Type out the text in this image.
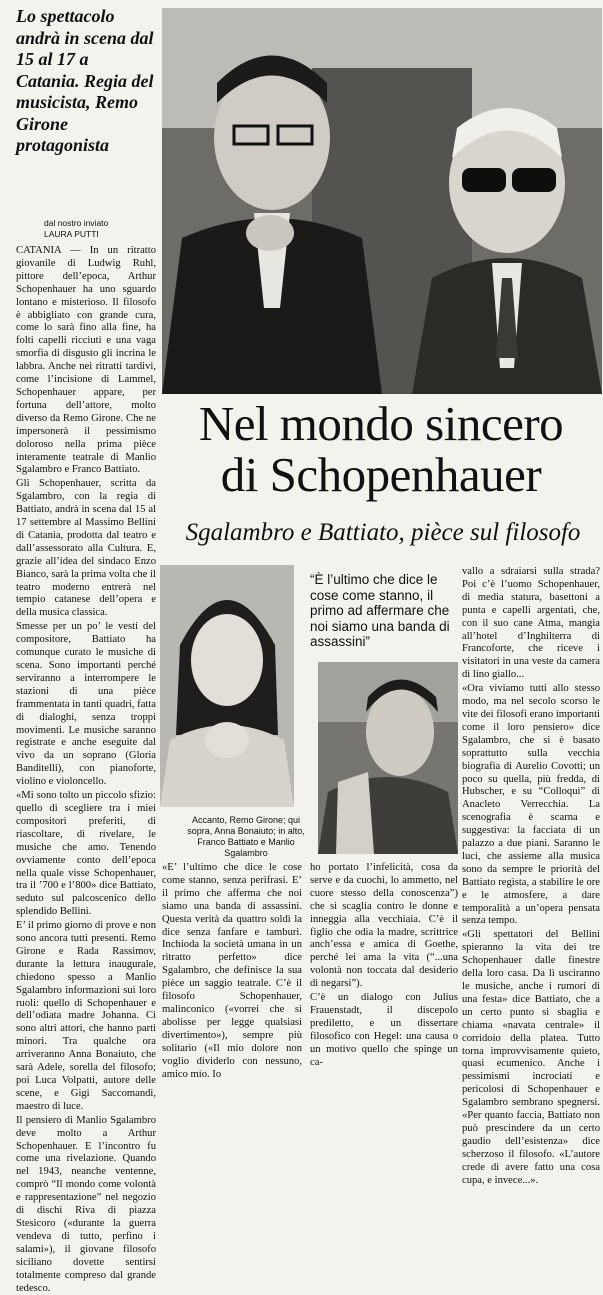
Lo spettacolo andrà in scena dal 15 al 17 a Catania. Regia del musicista, Remo Girone protagonista
dal nostro inviato
LAURA PUTTI

CATANIA — In un ritratto giovanile di Ludwig Ruhl, pittore dell’epoca, Arthur Schopenhauer ha uno sguardo lontano e misterioso. Il filosofo è abbigliato con grande cura, come lo sarà fino alla fine, ha folti capelli ricciuti e una vaga smorfia di disgusto gli incrina le labbra. Anche nei ritratti tardivi, come l’incisione di Lammel, Schopenhauer appare, per fortuna dell’attore, molto diverso da Remo Girone. Che ne impersonerà il pessimismo doloroso nella prima pièce interamente teatrale di Manlio Sgalambro e Franco Battiato.

Gli Schopenhauer, scritta da Sgalambro, con la regia di Battiato, andrà in scena dal 15 al 17 settembre al Massimo Bellini di Catania, prodotta dal teatro e dall’assessorato alla Cultura. E, grazie all’idea del sindaco Enzo Bianco, sarà la prima volta che il teatro moderno entrerà nel tempio catanese dell’opera e della musica classica.

Smesse per un po’ le vesti del compositore, Battiato ha comunque curato le musiche di scena. Sono importanti perché serviranno a interrompere le stazioni di una pièce frammentata in tanti quadri, fatta di dialoghi, senza troppi movimenti. Le musiche saranno registrate e anche eseguite dal vivo da un soprano (Gloria Banditelli), con pianoforte, violino e violoncello.

«Mi sono tolto un piccolo sfizio: quello di scegliere tra i miei compositori preferiti, di riascoltare, di rivelare, le musiche che amo. Tenendo ovviamente conto dell’epoca nella quale visse Schopenhauer, tra il ’700 e l’800» dice Battiato, seduto sul palcoscenico dello splendido Bellini.

E’ il primo giorno di prove e non sono ancora tutti presenti. Remo Girone e Rada Rassimov, durante la lettura inaugurale, chiedono spesso a Manlio Sgalambro informazioni sui loro ruoli: quello di Schopenhauer e dell’odiata madre Johanna. Ci sono altri attori, che hanno parti minori. Tra qualche ora arriveranno Anna Bonaiuto, che sarà Adele, sorella del filosofo; poi Luca Volpatti, autore delle scene, e Gigi Saccomandi, maestro di luce.

Il pensiero di Manlio Sgalambro deve molto a Arthur Schopenhauer. E l’incontro fu come una rivelazione. Quando nel 1943, neanche ventenne, comprò “Il mondo come volontà e rappresentazione” nel negozio di dischi Riva di piazza Stesicoro («durante la guerra vendeva di tutto, perfino i salami»), il giovane filosofo siciliano dovette sentirsi totalmente compreso dal grande tedesco.

Nel mondo sincero
di Schopenhauer
Sgalambro e Battiato, pièce sul filosofo
“È l’ultimo che dice le cose come stanno, il primo ad affermare che noi siamo una banda di assassini”
Accanto, Remo Girone; qui sopra, Anna Bonaiuto; in alto, Franco Battiato e Manlio Sgalambro

«E’ l’ultimo che dice le cose come stanno, senza perifrasi. E’ il primo che afferma che noi siamo una banda di assassini. Questa verità da quattro soldi la dice senza fanfare e tamburi. Inchioda la società umana in un ritratto perfetto» dice Sgalambro, che definisce la sua pièce un saggio teatrale. C’è il filosofo Schopenhauer, malinconico («vorrei che si abolisse per legge qualsiasi divertimento»), sempre più solitario («Il mio dolore non voglio dividerlo con nessuno, amico mio. Io

ho portato l’infelicità, cosa da serve e da cuochi, lo ammetto, nel cuore stesso della conoscenza”) che si scaglia contro le donne e inneggia alla vecchiaia. C’è il figlio che odia la madre, scrittrice anch’essa e amica di Goethe, perché lei ama la vita (“...una volontà non toccata dal desiderio di negarsi”).

C’è un dialogo con Julius Frauenstadt, il discepolo prediletto, e un dissertare filosofico con Hegel: una causa o un motivo quello che spinge un ca-

vallo a sdraiarsi sulla strada? Poi c’è l’uomo Schopenhauer, di media statura, basettoni a punta e capelli argentati, che, con il suo cane Atma, mangia all’hotel d’Inghilterra di Francoforte, che riceve i visitatori in una veste da camera di lino giallo...

«Ora viviamo tutti allo stesso modo, ma nel secolo scorso le vite dei filosofi erano importanti come il loro pensiero» dice Sgalambro, che si è basato soprattutto sulla vecchia biografia di Aurelio Covotti; un poco su quella, più fredda, di Hubscher, e su “Colloqui” di Anacleto Verrecchia. La scenografia è scarna e suggestiva: la facciata di un palazzo a due piani. Saranno le luci, che assieme alla musica sono da sempre le priorità del Battiato regista, a stabilire le ore e le atmosfere, a dare temporalità a un’opera pensata senza tempo.

«Gli spettatori del Bellini spieranno la vita dei tre Schopenhauer dalle finestre della loro casa. Da lì usciranno le musiche, anche i rumori di una festa» dice Battiato, che a un certo punto si sbaglia e chiama «navata centrale» il corridoio della platea. Tutto torna improvvisamente quieto, quasi ecumenico. Anche i pessimismi incrociati e pericolosi di Schopenhauer e Sgalambro sembrano spegnersi. «Per quanto faccia, Battiato non può prescindere da un certo gaudio dell’esistenza» dice scherzoso il filosofo. «L’autore crede di avere fatto una cosa cupa, e invece...».
